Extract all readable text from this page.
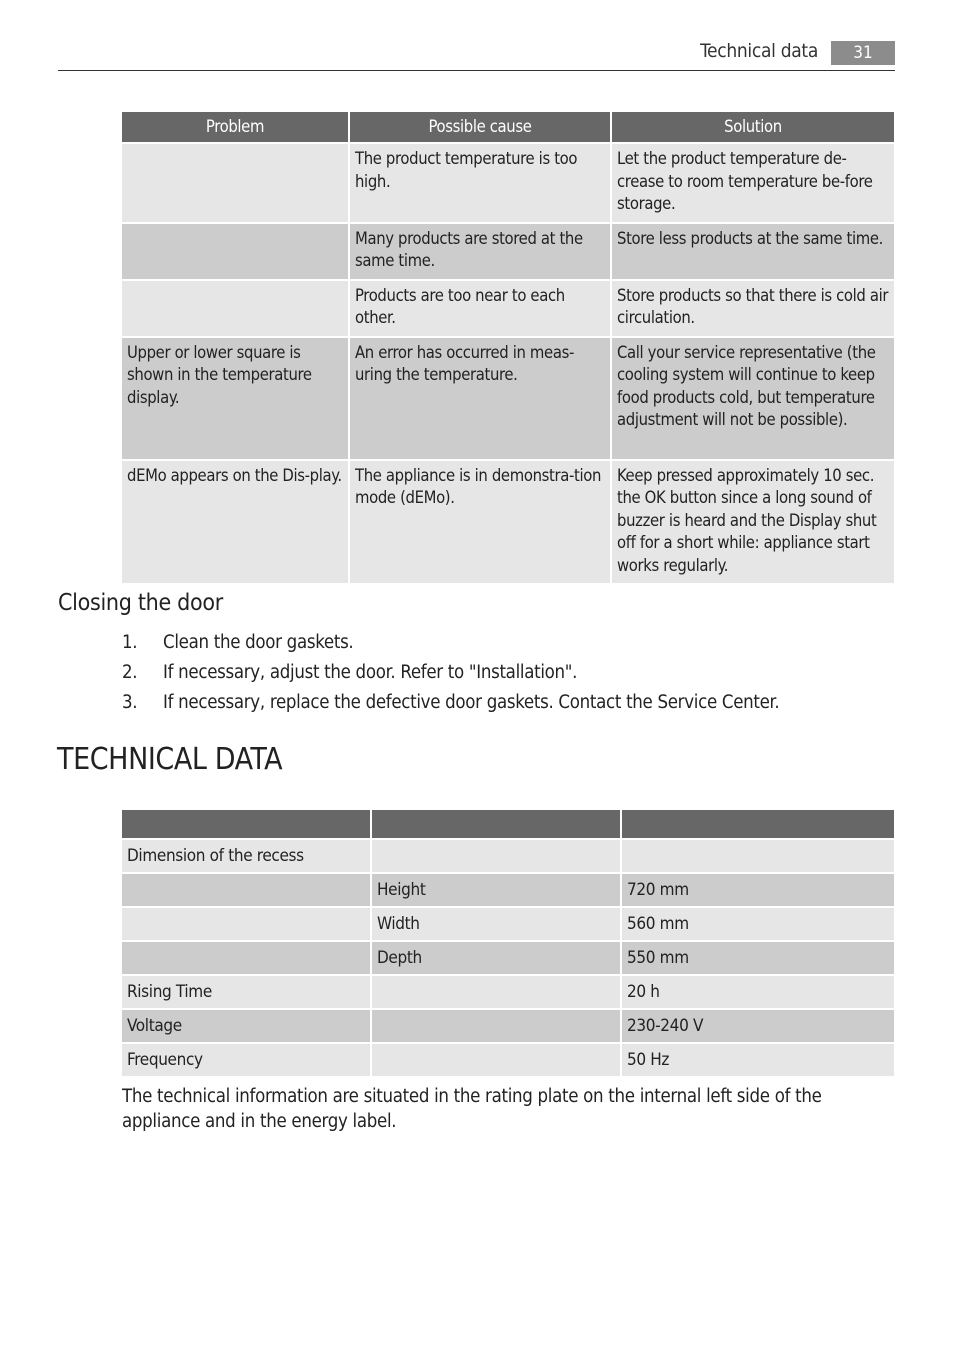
Technical data	31
Problem	Possible cause	Solution
	The product temperature is too high.	Let the product temperature de-crease to room temperature be-fore storage.
	Many products are stored at the same time.	Store less products at the same time.
	Products are too near to each other.	Store products so that there is cold air circulation.
Upper or lower square is shown in the temperature display.	An error has occurred in meas-uring the temperature.	Call your service representative (the cooling system will continue to keep food products cold, but temperature adjustment will not be possible).
dEMo appears on the Dis-play.	The appliance is in demonstra-tion mode (dEMo).	Keep pressed approximately 10 sec. the OK button since a long sound of buzzer is heard and the Display shut off for a short while: appliance start works regularly.
Closing the door
1. Clean the door gaskets.
2. If necessary, adjust the door. Refer to "Installation".
3. If necessary, replace the defective door gaskets. Contact the Service Center.
TECHNICAL DATA

Dimension of the recess		
	Height	720 mm
	Width	560 mm
	Depth	550 mm
Rising Time		20 h
Voltage		230-240 V
Frequency		50 Hz
The technical information are situated in the rating plate on the internal left side of the appliance and in the energy label.
